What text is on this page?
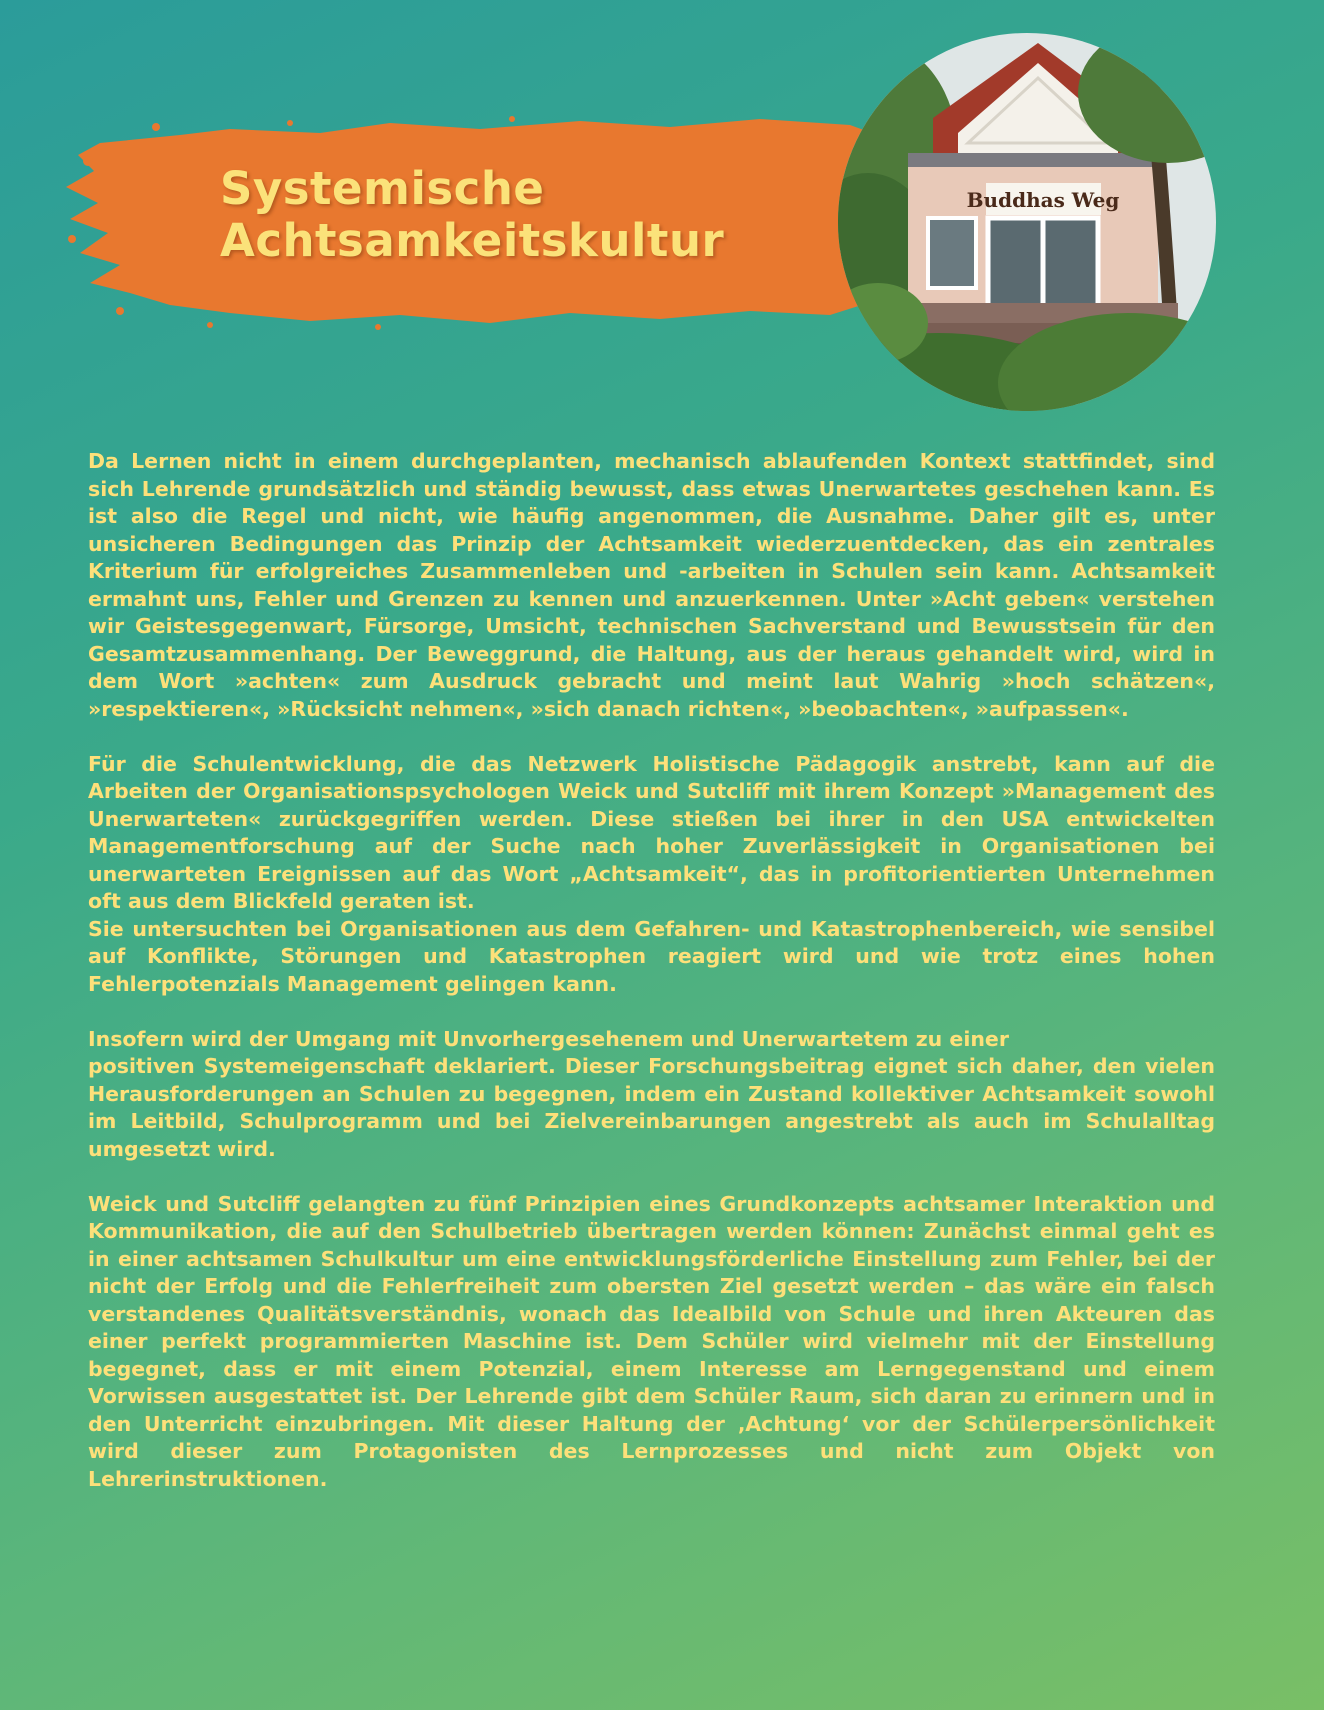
Systemische
Achtsamkeitskultur
Buddhas Weg

Da Lernen nicht in einem durchgeplanten, mechanisch ablaufenden Kontext stattfindet, sind sich Lehrende grundsätzlich und ständig bewusst, dass etwas Unerwartetes geschehen kann. Es ist also die Regel und nicht, wie häufig angenommen, die Ausnahme. Daher gilt es, unter unsicheren Bedingungen das Prinzip der Achtsamkeit wiederzuentdecken, das ein zentrales Kriterium für erfolgreiches Zusammenleben und -arbeiten in Schulen sein kann. Achtsamkeit ermahnt uns, Fehler und Grenzen zu kennen und anzuerkennen. Unter »Acht geben« verstehen wir Geistesgegenwart, Fürsorge, Umsicht, technischen Sachverstand und Bewusstsein für den Gesamtzusammenhang. Der Beweggrund, die Haltung, aus der heraus gehandelt wird, wird in dem Wort »achten« zum Ausdruck gebracht und meint laut Wahrig »hoch schätzen«, »respektieren«, »Rücksicht nehmen«, »sich danach richten«, »beobachten«, »aufpassen«.

Für die Schulentwicklung, die das Netzwerk Holistische Pädagogik anstrebt, kann auf die Arbeiten der Organisationspsychologen Weick und Sutcliff mit ihrem Konzept »Management des Unerwarteten« zurückgegriffen werden. Diese stießen bei ihrer in den USA entwickelten Managementforschung auf der Suche nach hoher Zuverlässigkeit in Organisationen bei unerwarteten Ereignissen auf das Wort „Achtsamkeit“, das in profitorientierten Unternehmen oft aus dem Blickfeld geraten ist.

Sie untersuchten bei Organisationen aus dem Gefahren- und Katastrophenbereich, wie sensibel auf Konflikte, Störungen und Katastrophen reagiert wird und wie trotz eines hohen Fehlerpotenzials Management gelingen kann.

Insofern wird der Umgang mit Unvorhergesehenem und Unerwartetem zu einer

positiven Systemeigenschaft deklariert. Dieser Forschungsbeitrag eignet sich daher, den vielen Herausforderungen an Schulen zu begegnen, indem ein Zustand kollektiver Achtsamkeit sowohl im Leitbild, Schulprogramm und bei Zielvereinbarungen angestrebt als auch im Schulalltag umgesetzt wird.

Weick und Sutcliff gelangten zu fünf Prinzipien eines Grundkonzepts achtsamer Interaktion und Kommunikation, die auf den Schulbetrieb übertragen werden können: Zunächst einmal geht es in einer achtsamen Schulkultur um eine entwicklungsförderliche Einstellung zum Fehler, bei der nicht der Erfolg und die Fehlerfreiheit zum obersten Ziel gesetzt werden – das wäre ein falsch verstandenes Qualitätsverständnis, wonach das Idealbild von Schule und ihren Akteuren das einer perfekt programmierten Maschine ist. Dem Schüler wird vielmehr mit der Einstellung begegnet, dass er mit einem Potenzial, einem Interesse am Lerngegenstand und einem Vorwissen ausgestattet ist. Der Lehrende gibt dem Schüler Raum, sich daran zu erinnern und in den Unterricht einzubringen. Mit dieser Haltung der ‚Achtung‘ vor der Schülerpersönlichkeit wird dieser zum Protagonisten des Lernprozesses und nicht zum Objekt von Lehrerinstruktionen.
